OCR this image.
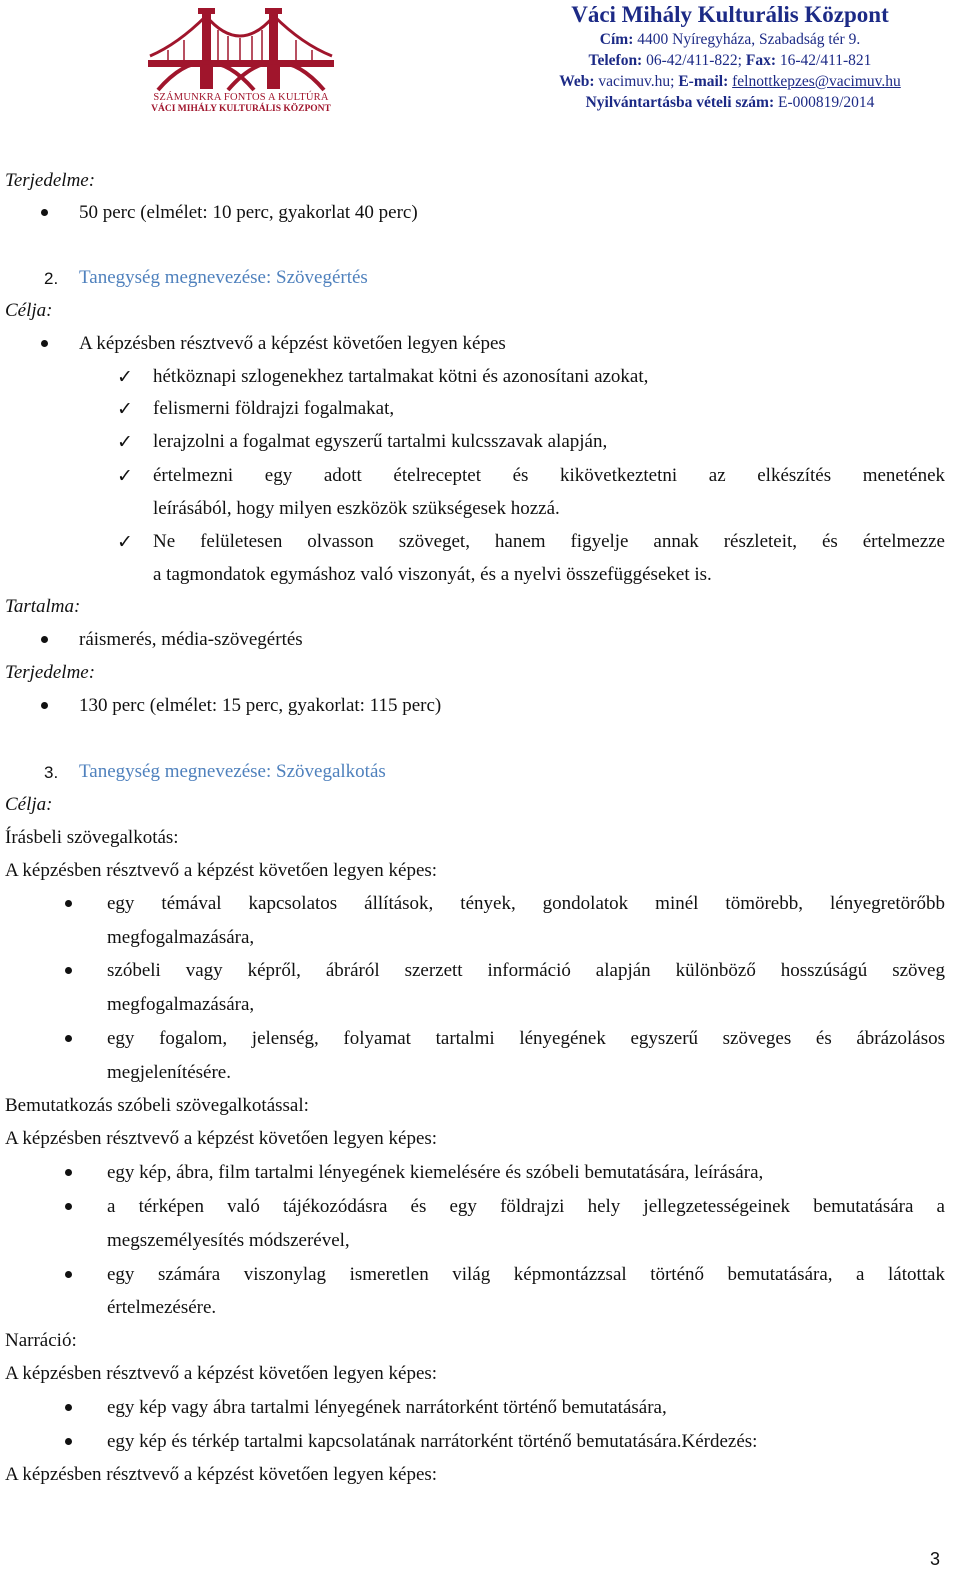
SZÁMUNKRA FONTOS A KULTÚRA
VÁCI MIHÁLY KULTURÁLIS KÖZPONT
Váci Mihály Kulturális Központ
Cím: 4400 Nyíregyháza, Szabadság tér 9.
Telefon: 06-42/411-822; Fax: 16-42/411-821
Web: vacimuv.hu; E-mail: felnottkepzes@vacimuv.hu
Nyilvántartásba vételi szám: E-000819/2014
Terjedelme:
50 perc (elmélet: 10 perc, gyakorlat 40 perc)
2. Tanegység megnevezése: Szövegértés
Célja:
A képzésben résztvevő a képzést követően legyen képes
✓ hétköznapi szlogenekhez tartalmakat kötni és azonosítani azokat,
✓ felismerni földrajzi fogalmakat,
✓ lerajzolni a fogalmat egyszerű tartalmi kulcsszavak alapján,
✓ értelmezni egy adott ételreceptet és kikövetkeztetni az elkészítés menetének
leírásából, hogy milyen eszközök szükségesek hozzá.
✓ Ne felületesen olvasson szöveget, hanem figyelje annak részleteit, és értelmezze
a tagmondatok egymáshoz való viszonyát, és a nyelvi összefüggéseket is.
Tartalma:
ráismerés, média-szövegértés
Terjedelme:
130 perc (elmélet: 15 perc, gyakorlat: 115 perc)
3. Tanegység megnevezése: Szövegalkotás
Célja:
Írásbeli szövegalkotás:
A képzésben résztvevő a képzést követően legyen képes:
egy témával kapcsolatos állítások, tények, gondolatok minél tömörebb, lényegretörőbb
megfogalmazására,
szóbeli vagy képről, ábráról szerzett információ alapján különböző hosszúságú szöveg
megfogalmazására,
egy fogalom, jelenség, folyamat tartalmi lényegének egyszerű szöveges és ábrázolásos
megjelenítésére.
Bemutatkozás szóbeli szövegalkotással:
A képzésben résztvevő a képzést követően legyen képes:
egy kép, ábra, film tartalmi lényegének kiemelésére és szóbeli bemutatására, leírására,
a térképen való tájékozódásra és egy földrajzi hely jellegzetességeinek bemutatására a
megszemélyesítés módszerével,
egy számára viszonylag ismeretlen világ képmontázzsal történő bemutatására, a látottak
értelmezésére.
Narráció:
A képzésben résztvevő a képzést követően legyen képes:
egy kép vagy ábra tartalmi lényegének narrátorként történő bemutatására,
egy kép és térkép tartalmi kapcsolatának narrátorként történő bemutatására.Kérdezés:
A képzésben résztvevő a képzést követően legyen képes:
3
